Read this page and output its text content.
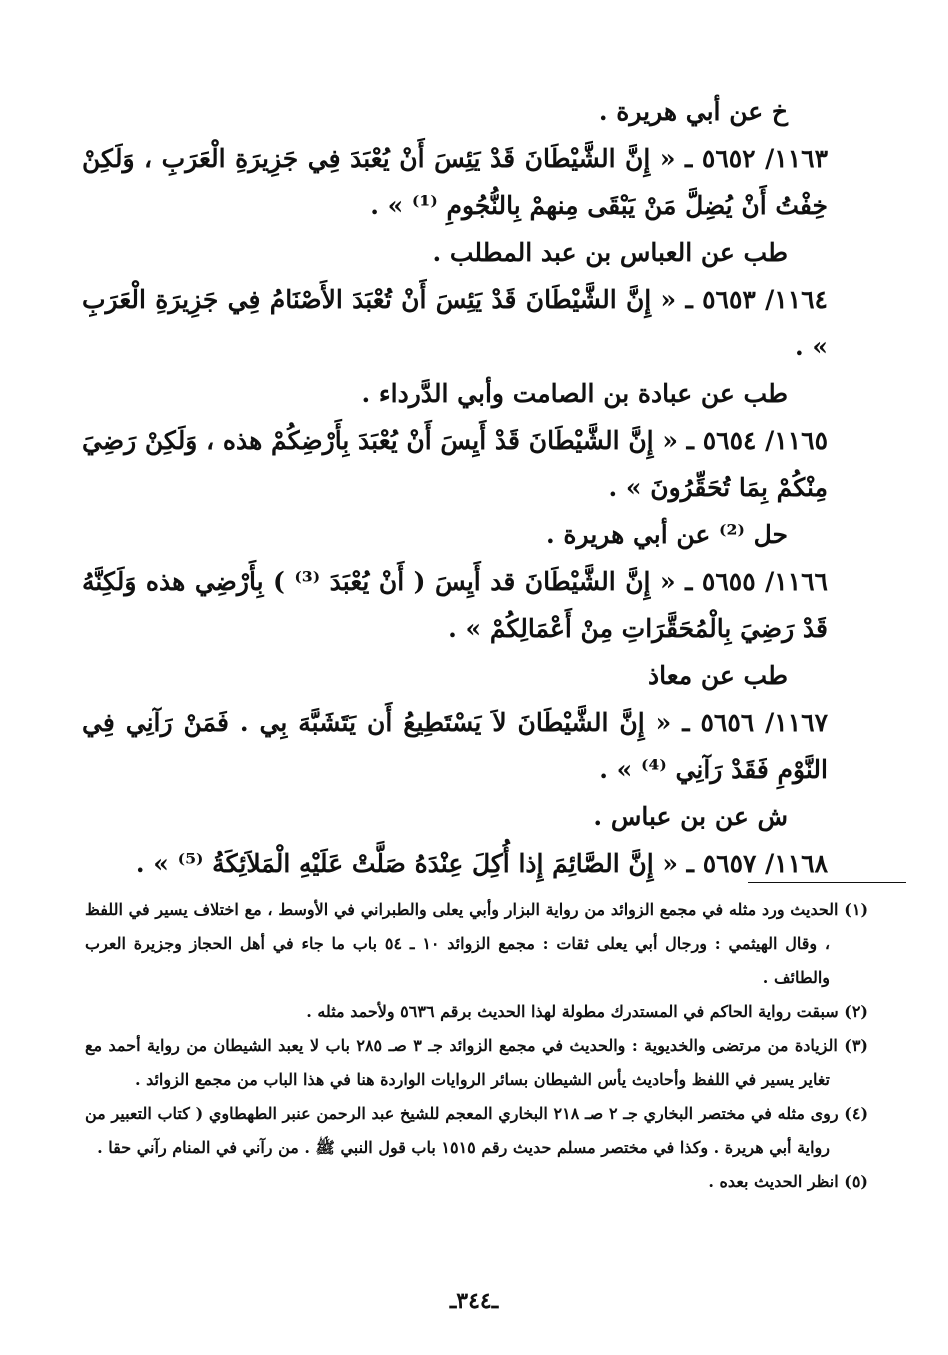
خ عن أبي هريرة .

١١٦٣/ ٥٦٥٢ ـ « إِنَّ الشَّيْطَانَ قَدْ يَئِسَ أَنْ يُعْبَدَ فِي جَزِيرَةِ الْعَرَبِ ، وَلَكِنْ خِفْتُ أَنْ يُضِلَّ مَنْ يَبْقَى مِنهمْ بِالنُّجُومِ ⁽¹⁾ » .

طب عن العباس بن عبد المطلب .

١١٦٤/ ٥٦٥٣ ـ « إِنَّ الشَّيْطَانَ قَدْ يَئِسَ أَنْ تُعْبَدَ الأَصْنَامُ فِي جَزِيرَةِ الْعَرَبِ » .

طب عن عبادة بن الصامت وأبي الدَّرداء .

١١٦٥/ ٥٦٥٤ ـ « إِنَّ الشَّيْطَانَ قَدْ أَيِسَ أَنْ يُعْبَدَ بِأَرْضِكُمْ هذه ، وَلَكِنْ رَضِيَ مِنْكُمْ بِمَا تُحَقِّرُونَ » .

حل ⁽²⁾ عن أبي هريرة .

١١٦٦/ ٥٦٥٥ ـ « إِنَّ الشَّيْطَانَ قد أَيِسَ ( أَنْ يُعْبَدَ ⁽³⁾ ) بِأَرْضِي هذه وَلَكِنَّهُ قَدْ رَضِيَ بِالْمُحَقَّرَاتِ مِنْ أَعْمَالِكُمْ » .

طب عن معاذ

١١٦٧/ ٥٦٥٦ ـ « إِنَّ الشَّيْطَانَ لاَ يَسْتَطِيعُ أَن يَتَشَبَّهَ بِي . فَمَنْ رَآنِي فِي النَّوْمِ فَقَدْ رَآنِي ⁽⁴⁾ » .

ش عن بن عباس .

١١٦٨/ ٥٦٥٧ ـ « إِنَّ الصَّائِمَ إِذا أُكِلَ عِنْدَهُ صَلَّتْ عَلَيْهِ الْمَلاَئِكَةُ ⁽⁵⁾ » .

(١) الحديث ورد مثله في مجمع الزوائد من رواية البزار وأبي يعلى والطبراني في الأوسط ، مع اختلاف يسير في اللفظ ، وقال الهيثمي : ورجال أبي يعلى ثقات : مجمع الزوائد ١٠ ـ ٥٤ باب ما جاء في أهل الحجاز وجزيرة العرب والطائف .

(٢) سبقت رواية الحاكم في المستدرك مطولة لهذا الحديث برقم ٥٦٣٦ ولأحمد مثله .

(٣) الزيادة من مرتضى والخديوية : والحديث في مجمع الزوائد جـ ٣ صـ ٢٨٥ باب لا يعبد الشيطان من رواية أحمد مع تغاير يسير في اللفظ وأحاديث يأس الشيطان بسائر الروايات الواردة هنا في هذا الباب من مجمع الزوائد .

(٤) روى مثله في مختصر البخاري جـ ٢ صـ ٢١٨ البخاري المعجم للشيخ عبد الرحمن عنبر الطهطاوي ( كتاب التعبير من رواية أبي هريرة . وكذا في مختصر مسلم حديث رقم ١٥١٥ باب قول النبي ﷺ . من رآني في المنام رآني حقا .

(٥) انظر الحديث بعده .

ـ٣٤٤ـ
